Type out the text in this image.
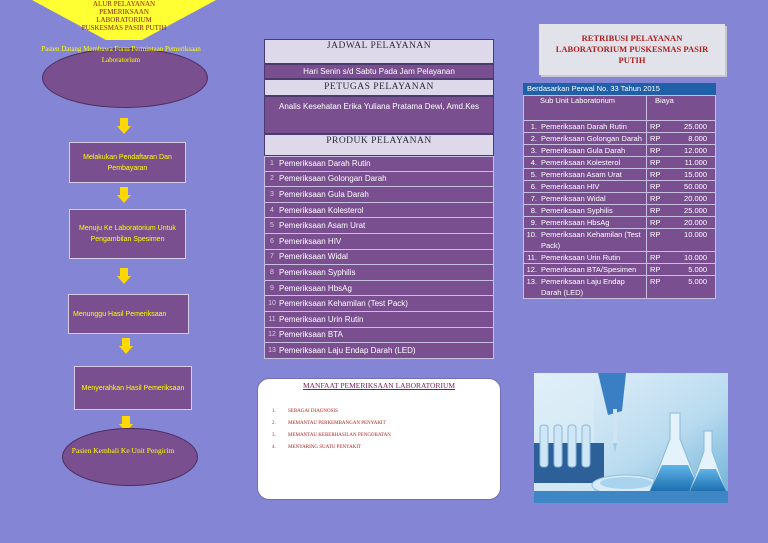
ALUR PELAYANAN
PEMERIKSAAN
LABORATORIUM
PUSKESMAS PASIR PUTIH
Pasien Datang Membawa Form Permintaan Pemeriksaan Laboratorium
Melakukan Pendaftaran Dan Pembayaran
Menuju Ke Laboratorium Untuk Pengambilan Spesimen
Menunggu Hasil Pemeriksaan
Menyerahkan Hasil Pemeriksaan
Pasien Kembali Ke Unit Pengirim
JADWAL PELAYANAN
Hari Senin s/d Sabtu Pada Jam Pelayanan
PETUGAS PELAYANAN
Analis Kesehatan Erika Yuliana Pratama Dewi, Amd.Kes
PRODUK PELAYANAN
1 Pemeriksaan Darah Rutin
2 Pemeriksaan Golongan Darah
3 Pemeriksaan Gula Darah
4 Pemeriksaan Kolesterol
5 Pemeriksaan Asam Urat
6 Pemeriksaan HIV
7 Pemeriksaan Widal
8 Pemeriksaan Syphilis
9 Pemeriksaan HbsAg
10 Pemeriksaan Kehamilan (Test Pack)
11 Pemeriksaan Urin Rutin
12 Pemeriksaan BTA
13 Pemeriksaan Laju Endap Darah (LED)
MANFAAT PEMERIKSAAN LABORATORIUM
1.	SEBAGAI DIAGNOSIS
2.	MEMANTAU PERKEMBANGAN PENYAKIT
3.	MEMANTAU KEBERHASILAN PENGOBATAN
4.	MENYARING SUATU PENYAKIT
RETRIBUSI PELAYANAN
LABORATORIUM PUSKESMAS PASIR
PUTIH
Berdasarkan Perwal No. 33 Tahun 2015
Sub Unit Laboratorium	Biaya
1. Pemeriksaan Darah Rutin	RP	25.000
2. Pemeriksaan Golongan Darah	RP	8.000
3. Pemeriksaan Gula Darah	RP	12.000
4. Pemeriksaan Kolesterol	RP	11.000
5. Pemeriksaan Asam Urat	RP	15.000
6. Pemeriksaan HIV	RP	50.000
7. Pemeriksaan Widal	RP	20.000
8. Pemeriksaan Syphilis	RP	25.000
9. Pemeriksaan HbsAg	RP	20.000
10. Pemeriksaan Kehamilan (Test Pack)
RP	10.000
11. Pemeriksaan Urin Rutin	RP	10.000
12. Pemeriksaan BTA/Spesimen	RP	5.000
13. Pemeriksaan Laju Endap Darah (LED)
RP	5.000
